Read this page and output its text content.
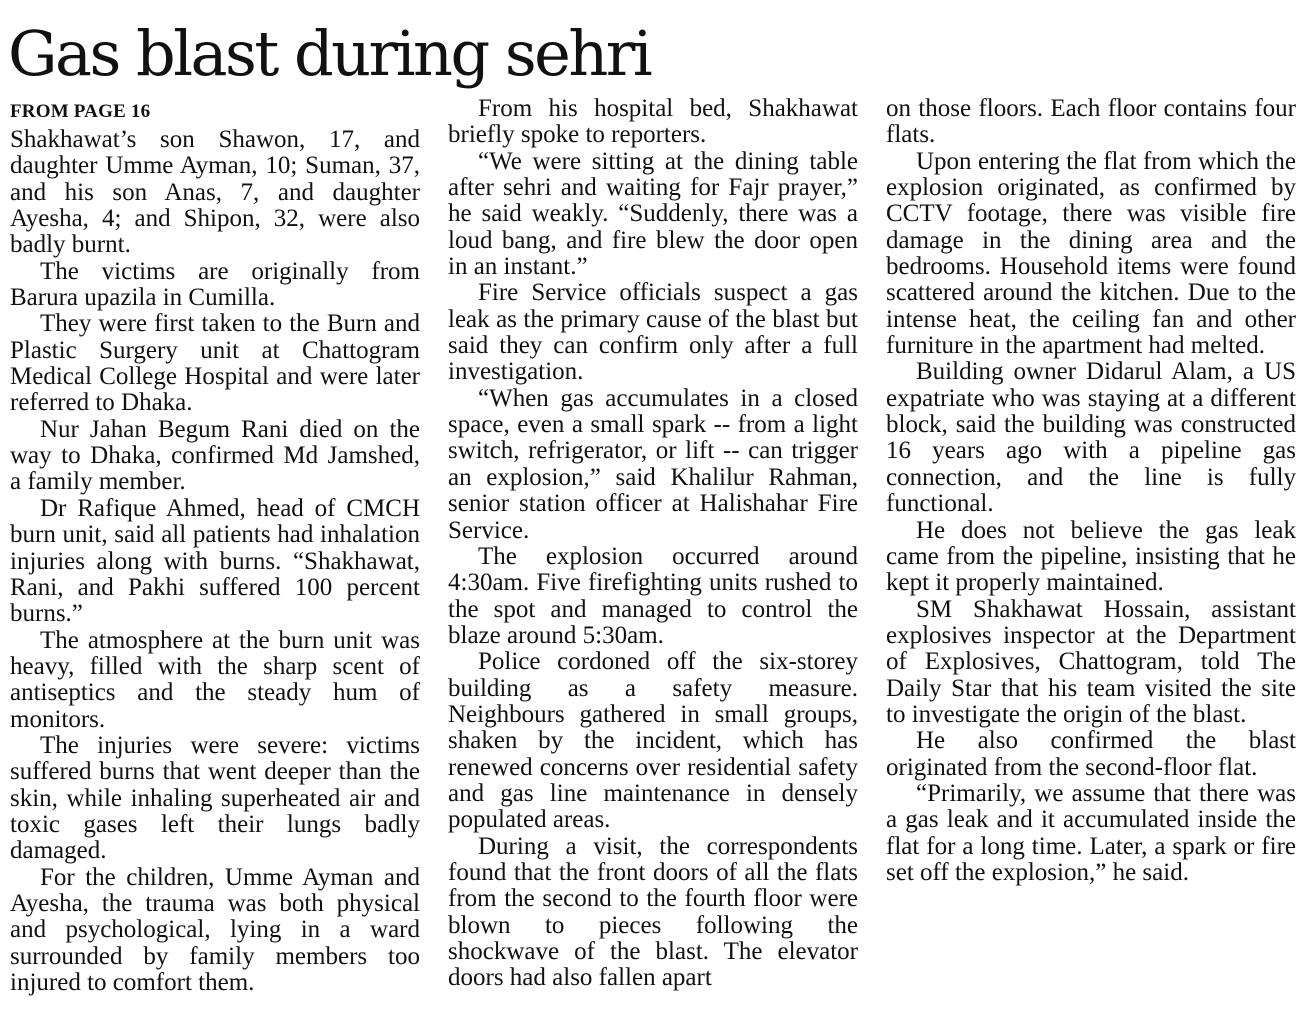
Gas blast during sehri
FROM PAGE 16

Shakhawat’s son Shawon, 17, and daughter Umme Ayman, 10; Suman, 37, and his son Anas, 7, and daughter Ayesha, 4; and Shipon, 32, were also badly burnt.

The victims are originally from Barura upazila in Cumilla.

They were first taken to the Burn and Plastic Surgery unit at Chattogram Medical College Hospital and were later referred to Dhaka.

Nur Jahan Begum Rani died on the way to Dhaka, confirmed Md Jamshed, a family member.

Dr Rafique Ahmed, head of CMCH burn unit, said all patients had inhalation injuries along with burns. “Shakhawat, Rani, and Pakhi suffered 100 percent burns.”

The atmosphere at the burn unit was heavy, filled with the sharp scent of antiseptics and the steady hum of monitors.

The injuries were severe: victims suffered burns that went deeper than the skin, while inhaling superheated air and toxic gases left their lungs badly damaged.

For the children, Umme Ayman and Ayesha, the trauma was both physical and psychological, lying in a ward surrounded by family members too injured to comfort them.

From his hospital bed, Shakhawat briefly spoke to reporters.

“We were sitting at the dining table after sehri and waiting for Fajr prayer,” he said weakly. “Suddenly, there was a loud bang, and fire blew the door open in an instant.”

Fire Service officials suspect a gas leak as the primary cause of the blast but said they can confirm only after a full investigation.

“When gas accumulates in a closed space, even a small spark -- from a light switch, refrigerator, or lift -- can trigger an explosion,” said Khalilur Rahman, senior station officer at Halishahar Fire Service.

The explosion occurred around 4:30am. Five firefighting units rushed to the spot and managed to control the blaze around 5:30am.

Police cordoned off the six-storey building as a safety measure. Neighbours gathered in small groups, shaken by the incident, which has renewed concerns over residential safety and gas line maintenance in densely populated areas.

During a visit, the correspondents found that the front doors of all the flats from the second to the fourth floor were blown to pieces following the shockwave of the blast. The elevator doors had also fallen apart

on those floors. Each floor contains four flats.

Upon entering the flat from which the explosion originated, as confirmed by CCTV footage, there was visible fire damage in the dining area and the bedrooms. Household items were found scattered around the kitchen. Due to the intense heat, the ceiling fan and other furniture in the apartment had melted.

Building owner Didarul Alam, a US expatriate who was staying at a different block, said the building was constructed 16 years ago with a pipeline gas connection, and the line is fully functional.

He does not believe the gas leak came from the pipeline, insisting that he kept it properly maintained.

SM Shakhawat Hossain, assistant explosives inspector at the Department of Explosives, Chattogram, told The Daily Star that his team visited the site to investigate the origin of the blast.

He also confirmed the blast originated from the second-floor flat.

“Primarily, we assume that there was a gas leak and it accumulated inside the flat for a long time. Later, a spark or fire set off the explosion,” he said.
